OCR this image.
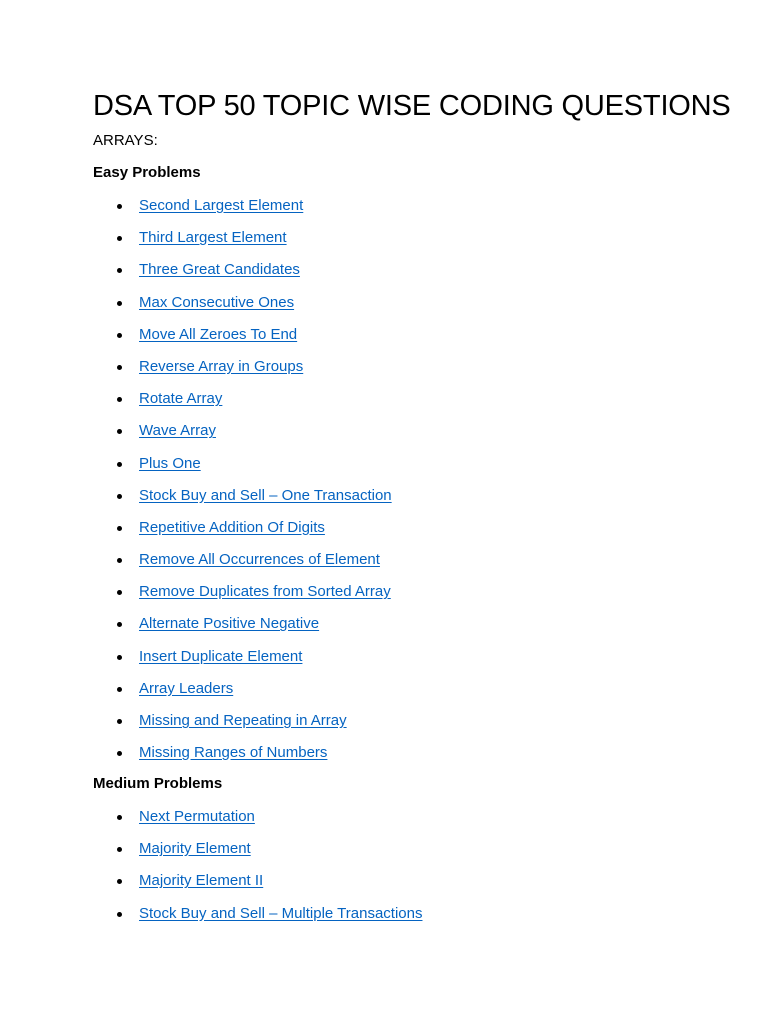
DSA TOP 50 TOPIC WISE CODING QUESTIONS
ARRAYS:
Easy Problems
Second Largest Element
Third Largest Element
Three Great Candidates
Max Consecutive Ones
Move All Zeroes To End
Reverse Array in Groups
Rotate Array
Wave Array
Plus One
Stock Buy and Sell – One Transaction
Repetitive Addition Of Digits
Remove All Occurrences of Element
Remove Duplicates from Sorted Array
Alternate Positive Negative
Insert Duplicate Element
Array Leaders
Missing and Repeating in Array
Missing Ranges of Numbers
Medium Problems
Next Permutation
Majority Element
Majority Element II
Stock Buy and Sell – Multiple Transactions
